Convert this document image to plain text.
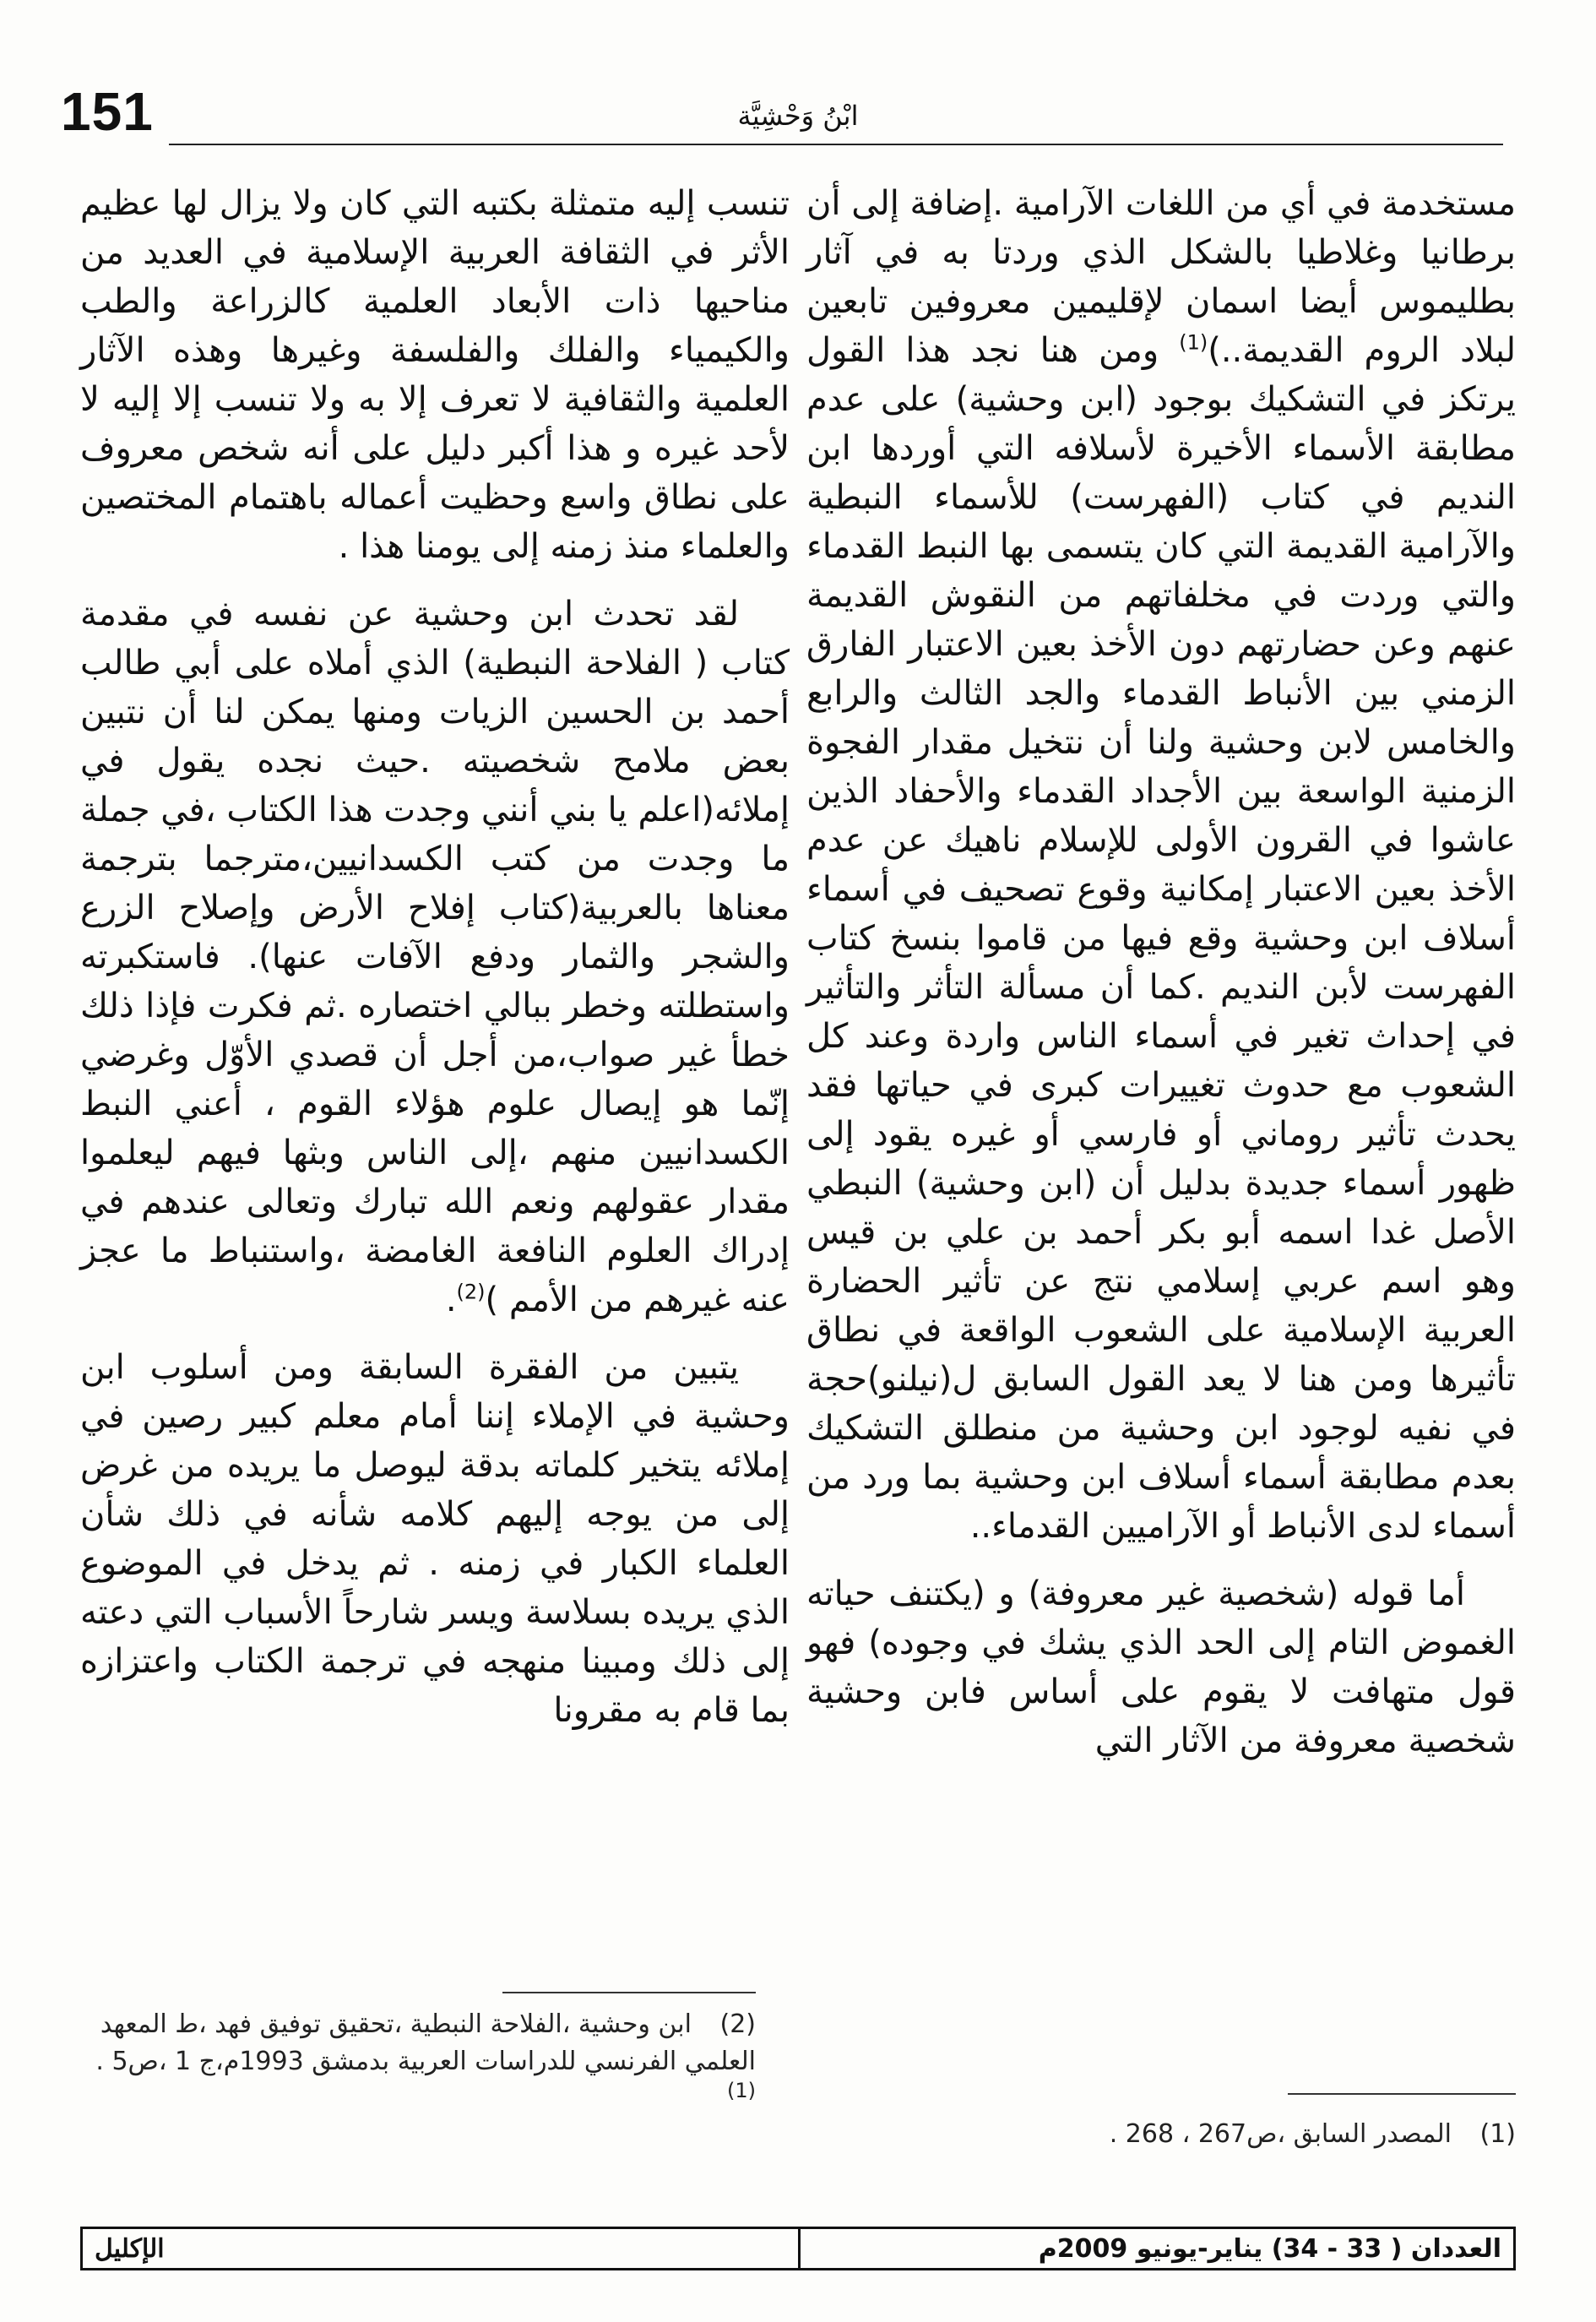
151	ابْنُ وَحْشِيَّة

مستخدمة في أي من اللغات الآرامية .إضافة إلى أن برطانيا وغلاطيا بالشكل الذي وردتا به في آثار بطليموس أيضا اسمان لإقليمين معروفين تابعين لبلاد الروم القديمة..)$^{(1)}$ ومن هنا نجد هذا القول يرتكز في التشكيك بوجود (ابن وحشية) على عدم مطابقة الأسماء الأخيرة لأسلافه التي أوردها ابن النديم في كتاب (الفهرست) للأسماء النبطية والآرامية القديمة التي كان يتسمى بها النبط القدماء والتي وردت في مخلفاتهم من النقوش القديمة عنهم وعن حضارتهم دون الأخذ بعين الاعتبار الفارق الزمني بين الأنباط القدماء والجد الثالث والرابع والخامس لابن وحشية ولنا أن نتخيل مقدار الفجوة الزمنية الواسعة بين الأجداد القدماء والأحفاد الذين عاشوا في القرون الأولى للإسلام ناهيك عن عدم الأخذ بعين الاعتبار إمكانية وقوع تصحيف في أسماء أسلاف ابن وحشية وقع فيها من قاموا بنسخ كتاب الفهرست لأبن النديم .كما أن مسألة التأثر والتأثير في إحداث تغير في أسماء الناس واردة وعند كل الشعوب مع حدوث تغييرات كبرى في حياتها فقد يحدث تأثير روماني أو فارسي أو غيره يقود إلى ظهور أسماء جديدة بدليل أن (ابن وحشية) النبطي الأصل غدا اسمه أبو بكر أحمد بن علي بن قيس وهو اسم عربي إسلامي نتج عن تأثير الحضارة العربية الإسلامية على الشعوب الواقعة في نطاق تأثيرها ومن هنا لا يعد القول السابق ل(نيلنو)حجة في نفيه لوجود ابن وحشية من منطلق التشكيك بعدم مطابقة أسماء أسلاف ابن وحشية بما ورد من أسماء لدى الأنباط أو الآراميين القدماء..

أما قوله (شخصية غير معروفة) و (يكتنف حياته الغموض التام إلى الحد الذي يشك في وجوده) فهو قول متهافت لا يقوم على أساس فابن وحشية شخصية معروفة من الآثار التي

تنسب إليه متمثلة بكتبه التي كان ولا يزال لها عظيم الأثر في الثقافة العربية الإسلامية في العديد من مناحيها ذات الأبعاد العلمية كالزراعة والطب والكيمياء والفلك والفلسفة وغيرها وهذه الآثار العلمية والثقافية لا تعرف إلا به ولا تنسب إلا إليه لا لأحد غيره و هذا أكبر دليل على أنه شخص معروف على نطاق واسع وحظيت أعماله باهتمام المختصين والعلماء منذ زمنه إلى يومنا هذا .

لقد تحدث ابن وحشية عن نفسه في مقدمة كتاب ( الفلاحة النبطية) الذي أملاه على أبي طالب أحمد بن الحسين الزيات ومنها يمكن لنا أن نتبين بعض ملامح شخصيته .حيث نجده يقول في إملائه(اعلم يا بني أنني وجدت هذا الكتاب ،في جملة ما وجدت من كتب الكسدانيين،مترجما بترجمة معناها بالعربية(كتاب إفلاح الأرض وإصلاح الزرع والشجر والثمار ودفع الآفات عنها). فاستكبرته واستطلته وخطر ببالي اختصاره .ثم فكرت فإذا ذلك خطأ غير صواب،من أجل أن قصدي الأوّل وغرضي إنّما هو إيصال علوم هؤلاء القوم ، أعني النبط الكسدانيين منهم ،إلى الناس وبثها فيهم ليعلموا مقدار عقولهم ونعم الله تبارك وتعالى عندهم في إدراك العلوم النافعة الغامضة ،واستنباط ما عجز عنه غيرهم من الأمم )$^{(2)}$.

يتبين من الفقرة السابقة ومن أسلوب ابن وحشية في الإملاء إننا أمام معلم كبير رصين في إملائه يتخير كلماته بدقة ليوصل ما يريده من غرض إلى من يوجه إليهم كلامه شأنه في ذلك شأن العلماء الكبار في زمنه . ثم يدخل في الموضوع الذي يريده بسلاسة ويسر شارحاً الأسباب التي دعته إلى ذلك ومبينا منهجه في ترجمة الكتاب واعتزازه بما قام به مقرونا

(2) ابن وحشية ،الفلاحة النبطية ،تحقيق توفيق فهد ،ط المعهد العلمي الفرنسي للدراسات العربية بدمشق 1993م،ج 1 ،ص5 . $^{(1)}$
(1) المصدر السابق ،ص267 ، 268 .
العددان ( 33 - 34) يناير-يونيو 2009م
الإكليل
